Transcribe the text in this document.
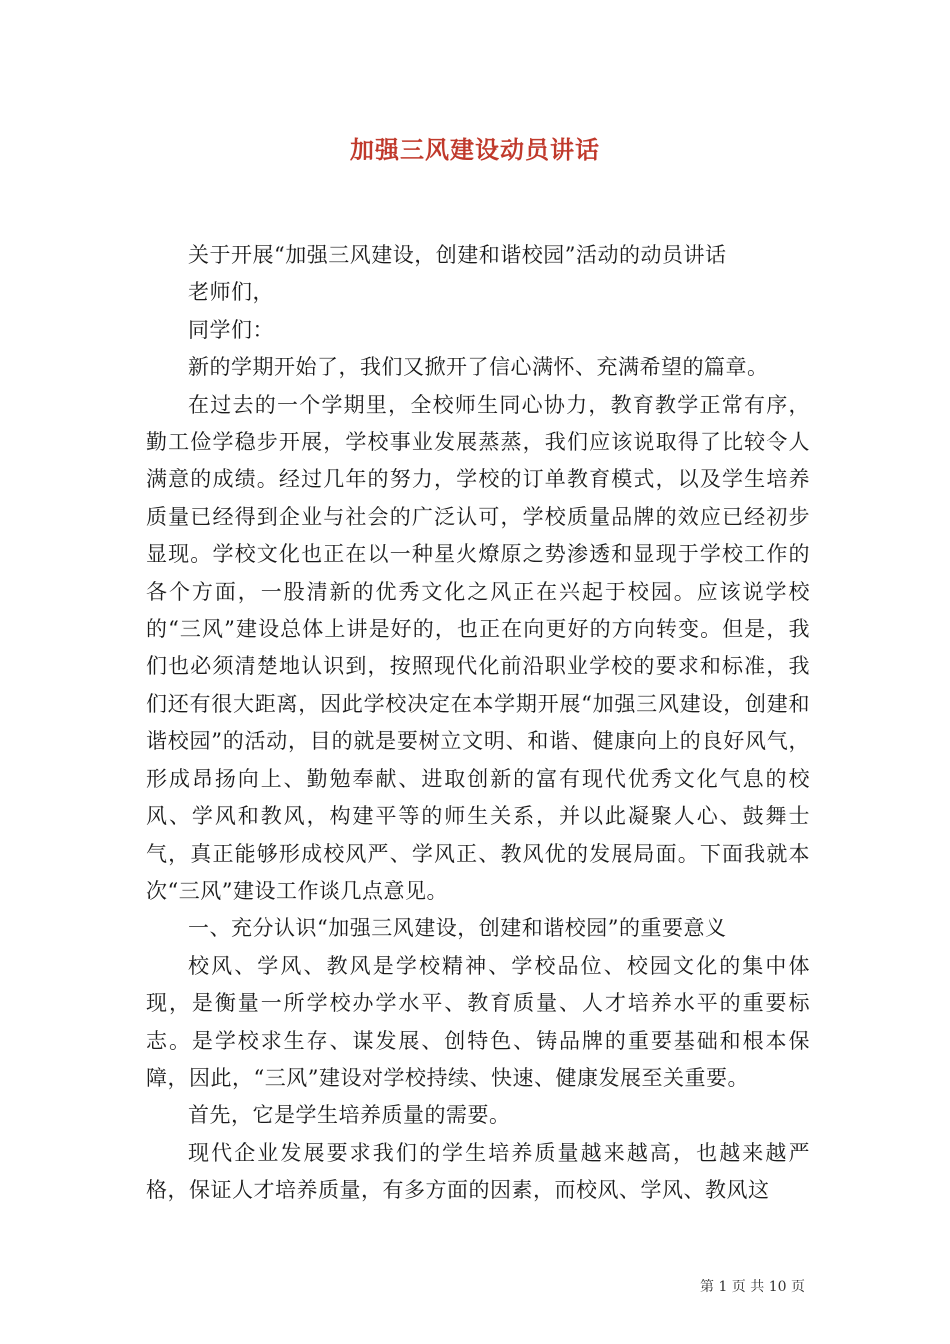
加强三风建设动员讲话

关于开展“加强三风建设，创建和谐校园”活动的动员讲话

老师们，

同学们：

新的学期开始了，我们又掀开了信心满怀、充满希望的篇章。

在过去的一个学期里，全校师生同心协力，教育教学正常有序，勤工俭学稳步开展，学校事业发展蒸蒸，我们应该说取得了比较令人满意的成绩。经过几年的努力，学校的订单教育模式，以及学生培养质量已经得到企业与社会的广泛认可，学校质量品牌的效应已经初步显现。学校文化也正在以一种星火燎原之势渗透和显现于学校工作的各个方面，一股清新的优秀文化之风正在兴起于校园。应该说学校的“三风”建设总体上讲是好的，也正在向更好的方向转变。但是，我们也必须清楚地认识到，按照现代化前沿职业学校的要求和标准，我们还有很大距离，因此学校决定在本学期开展“加强三风建设，创建和谐校园”的活动，目的就是要树立文明、和谐、健康向上的良好风气，形成昂扬向上、勤勉奉献、进取创新的富有现代优秀文化气息的校风、学风和教风，构建平等的师生关系，并以此凝聚人心、鼓舞士气，真正能够形成校风严、学风正、教风优的发展局面。下面我就本次“三风”建设工作谈几点意见。

一、充分认识“加强三风建设，创建和谐校园”的重要意义

校风、学风、教风是学校精神、学校品位、校园文化的集中体现，是衡量一所学校办学水平、教育质量、人才培养水平的重要标志。是学校求生存、谋发展、创特色、铸品牌的重要基础和根本保障，因此，“三风”建设对学校持续、快速、健康发展至关重要。

首先，它是学生培养质量的需要。

现代企业发展要求我们的学生培养质量越来越高，也越来越严格，保证人才培养质量，有多方面的因素，而校风、学风、教风这

第 1 页 共 10 页
